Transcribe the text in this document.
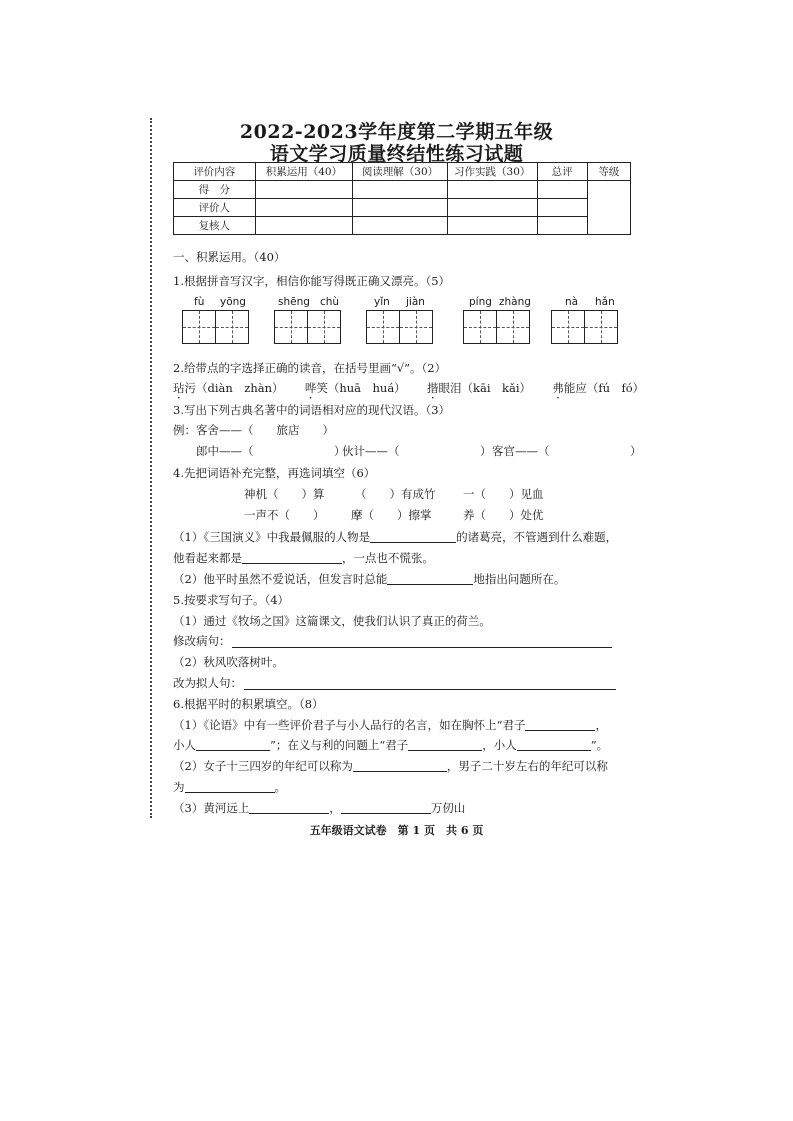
2022-2023学年度第二学期五年级
语文学习质量终结性练习试题
评价内容	积累运用（40）	阅读理解（30）	习作实践（30）	总评	等级
得　分					
评价人					
复核人					
一、积累运用。（40）
1.根据拼音写汉字，相信你能写得既正确又漂亮。（5）
fù yōng	shēng chù	yǐn jiàn	píng zhàng	nà hǎn
2.给带点的字选择正确的读音，在括号里画“√”。（2）
玷污（diàn　zhàn） 哗笑（huā　huá） 揩眼泪（kāi　kǎi） 弗能应（fú　fó）
3.写出下列古典名著中的词语相对应的现代汉语。（3）
例：客舍——（　　旅店　　）
郎中——（　　　　　　　）
伙计——（　　　　　　　） 客官——（　　　　　　　）
4.先把词语补充完整，再选词填空（6）
神机（　　）算	（　　）有成竹 一（　　）见血
一声不（　　） 摩（　　）擦掌	养（　　）处优
（1）《三国演义》中我最佩服的人物是	的诸葛亮，不管遇到什么难题，
他看起来都是	，一点也不慌张。
（2）他平时虽然不爱说话，但发言时总能	地指出问题所在。
5.按要求写句子。（4）
（1）通过《牧场之国》这篇课文，使我们认识了真正的荷兰。
修改病句：
（2）秋风吹落树叶。
改为拟人句：
6.根据平时的积累填空。（8）
（1）《论语》中有一些评价君子与小人品行的名言，如在胸怀上“君子	，
小人	”；在义与利的问题上“君子	，小人	”。
（2）女子十三四岁的年纪可以称为	，男子二十岁左右的年纪可以称
为	。
（3）黄河远上	，	万仞山
五年级语文试卷　第 1 页　共 6 页
